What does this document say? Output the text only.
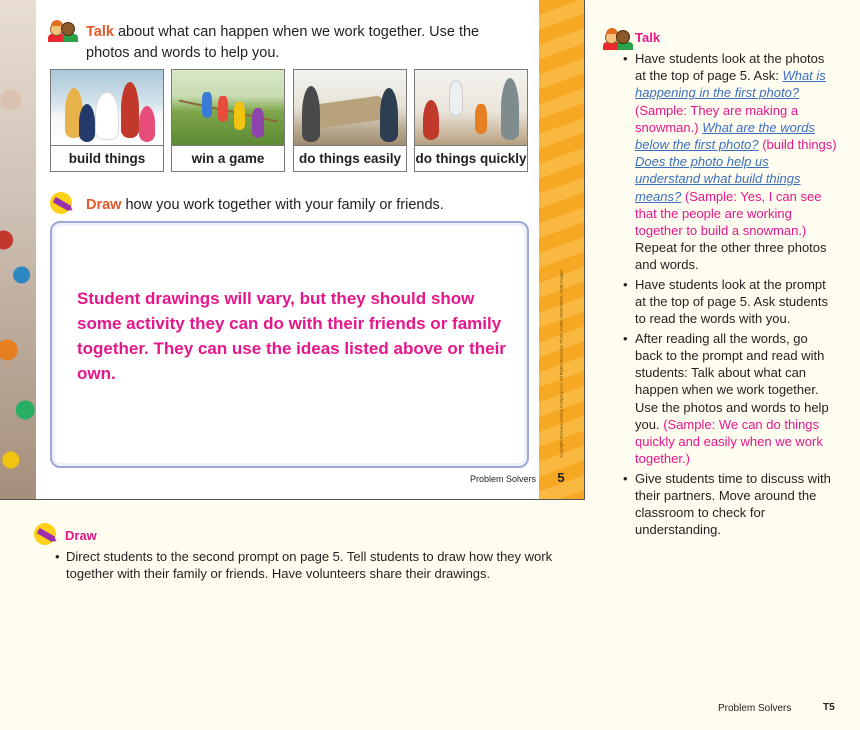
Talk about what can happen when we work together. Use the photos and words to help you.
build things	win a game	do things easily	do things quickly
Draw how you work together with your family or friends.
Student drawings will vary, but they should show some activity they can do with their friends or family together. They can use the ideas listed above or their own.	Copyright Savvas Learning Company LLC. All Rights Reserved. Photo credits: Shutterstock, Getty Images
Problem Solvers	5
Draw
• Direct students to the second prompt on page 5. Tell students to draw how they work together with their family or friends. Have volunteers share their drawings.
Talk
• Have students look at the photos at the top of page 5. Ask: What is happening in the first photo? (Sample: They are making a snowman.) What are the words below the first photo? (build things) Does the photo help us understand what build things means? (Sample: Yes, I can see that the people are working together to build a snowman.) Repeat for the other three photos and words.
• Have students look at the prompt at the top of page 5. Ask students to read the words with you.
• After reading all the words, go back to the prompt and read with students: Talk about what can happen when we work together. Use the photos and words to help you. (Sample: We can do things quickly and easily when we work together.)
• Give students time to discuss with their partners. Move around the classroom to check for understanding.
Problem Solvers	T5
